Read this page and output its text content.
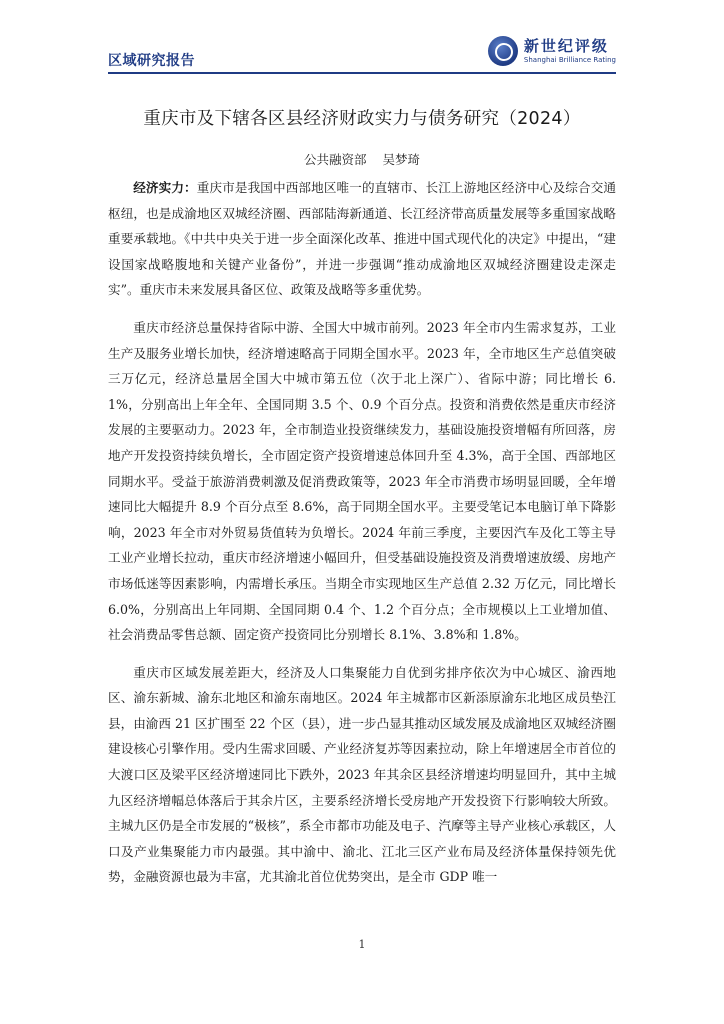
区域研究报告
新世纪评级
Shanghai Brilliance Rating
重庆市及下辖各区县经济财政实力与债务研究（2024）
公共融资部 吴梦琦

经济实力：重庆市是我国中西部地区唯一的直辖市、长江上游地区经济中心及综合交通枢纽，也是成渝地区双城经济圈、西部陆海新通道、长江经济带高质量发展等多重国家战略重要承载地。《中共中央关于进一步全面深化改革、推进中国式现代化的决定》中提出，“建设国家战略腹地和关键产业备份”，并进一步强调“推动成渝地区双城经济圈建设走深走实”。重庆市未来发展具备区位、政策及战略等多重优势。

重庆市经济总量保持省际中游、全国大中城市前列。2023 年全市内生需求复苏，工业生产及服务业增长加快，经济增速略高于同期全国水平。2023 年，全市地区生产总值突破三万亿元，经济总量居全国大中城市第五位（次于北上深广）、省际中游；同比增长 6.1%，分别高出上年全年、全国同期 3.5 个、0.9 个百分点。投资和消费依然是重庆市经济发展的主要驱动力。2023 年，全市制造业投资继续发力，基础设施投资增幅有所回落，房地产开发投资持续负增长，全市固定资产投资增速总体回升至 4.3%，高于全国、西部地区同期水平。受益于旅游消费刺激及促消费政策等，2023 年全市消费市场明显回暖，全年增速同比大幅提升 8.9 个百分点至 8.6%，高于同期全国水平。主要受笔记本电脑订单下降影响，2023 年全市对外贸易货值转为负增长。2024 年前三季度，主要因汽车及化工等主导工业产业增长拉动，重庆市经济增速小幅回升，但受基础设施投资及消费增速放缓、房地产市场低迷等因素影响，内需增长承压。当期全市实现地区生产总值 2.32 万亿元，同比增长 6.0%，分别高出上年同期、全国同期 0.4 个、1.2 个百分点；全市规模以上工业增加值、社会消费品零售总额、固定资产投资同比分别增长 8.1%、3.8%和 1.8%。

重庆市区域发展差距大，经济及人口集聚能力自优到劣排序依次为中心城区、渝西地区、渝东新城、渝东北地区和渝东南地区。2024 年主城都市区新添原渝东北地区成员垫江县，由渝西 21 区扩围至 22 个区（县），进一步凸显其推动区域发展及成渝地区双城经济圈建设核心引擎作用。受内生需求回暖、产业经济复苏等因素拉动，除上年增速居全市首位的大渡口区及梁平区经济增速同比下跌外，2023 年其余区县经济增速均明显回升，其中主城九区经济增幅总体落后于其余片区，主要系经济增长受房地产开发投资下行影响较大所致。主城九区仍是全市发展的“极核”，系全市都市功能及电子、汽摩等主导产业核心承载区，人口及产业集聚能力市内最强。其中渝中、渝北、江北三区产业布局及经济体量保持领先优势，金融资源也最为丰富，尤其渝北首位优势突出，是全市 GDP 唯一

1
